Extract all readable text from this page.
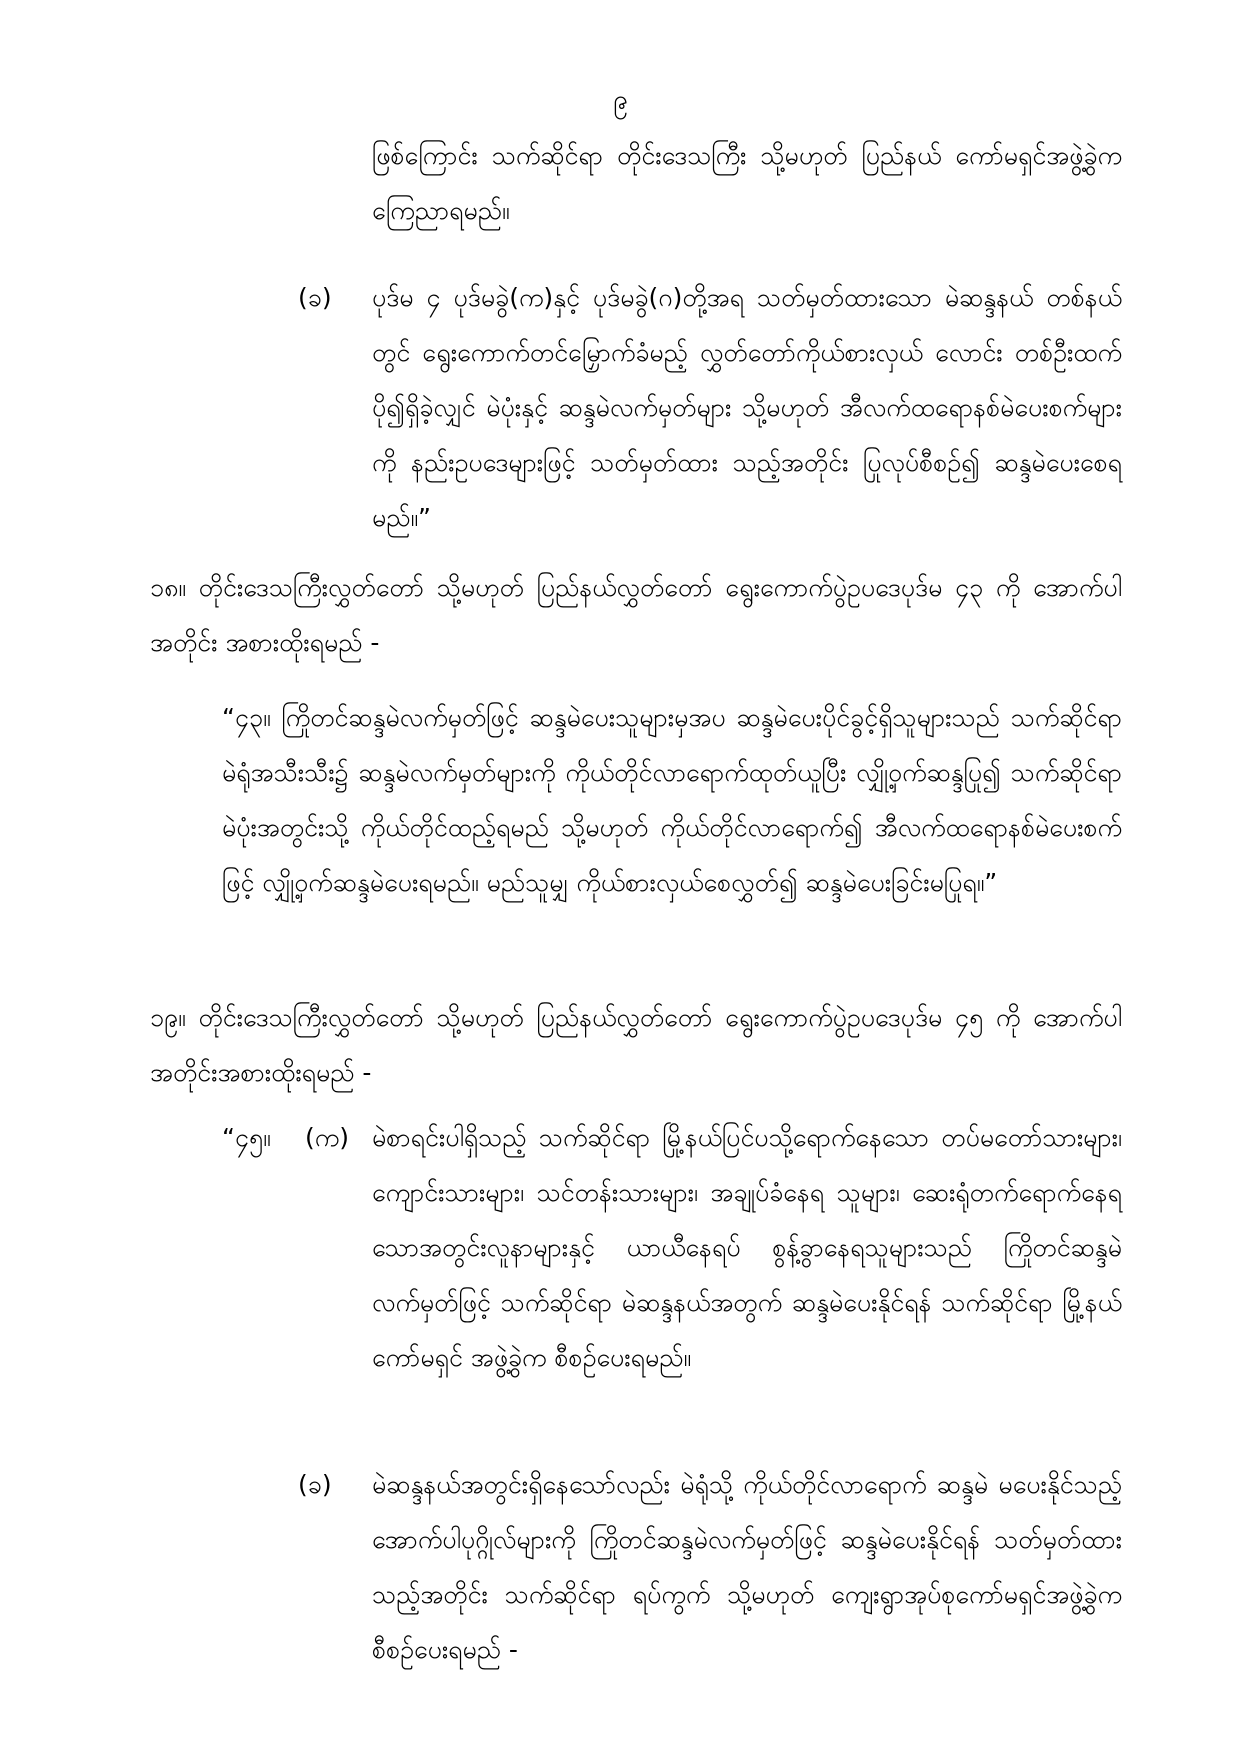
၉

ဖြစ်ကြောင်း သက်ဆိုင်ရာ တိုင်းဒေသကြီး သို့မဟုတ် ပြည်နယ် ကော်မရှင်အဖွဲ့ခွဲက ကြေညာရမည်။

(ခ) ပုဒ်မ ၄ ပုဒ်မခွဲ(က)နှင့် ပုဒ်မခွဲ(ဂ)တို့အရ သတ်မှတ်ထားသော မဲဆန္ဒနယ် တစ်နယ်တွင် ရွေးကောက်တင်မြှောက်ခံမည့် လွှတ်တော်ကိုယ်စားလှယ် လောင်း တစ်ဦးထက်ပို၍ရှိခဲ့လျှင် မဲပုံးနှင့် ဆန္ဒမဲလက်မှတ်များ သို့မဟုတ် အီလက်ထရောနစ်မဲပေးစက်များကို နည်းဥပဒေများဖြင့် သတ်မှတ်ထား သည့်အတိုင်း ပြုလုပ်စီစဉ်၍ ဆန္ဒမဲပေးစေရမည်။”

၁၈။ တိုင်းဒေသကြီးလွှတ်တော် သို့မဟုတ် ပြည်နယ်လွှတ်တော် ရွေးကောက်ပွဲဥပဒေပုဒ်မ ၄၃ ကို အောက်ပါအတိုင်း အစားထိုးရမည် -

“၄၃။ ကြိုတင်ဆန္ဒမဲလက်မှတ်ဖြင့် ဆန္ဒမဲပေးသူများမှအပ ဆန္ဒမဲပေးပိုင်ခွင့်ရှိသူများသည် သက်ဆိုင်ရာ မဲရုံအသီးသီး၌ ဆန္ဒမဲလက်မှတ်များကို ကိုယ်တိုင်လာရောက်ထုတ်ယူပြီး လျှို့ဝှက်ဆန္ဒပြု၍ သက်ဆိုင်ရာ မဲပုံးအတွင်းသို့ ကိုယ်တိုင်ထည့်ရမည် သို့မဟုတ် ကိုယ်တိုင်လာရောက်၍ အီလက်ထရောနစ်မဲပေးစက်ဖြင့် လျှို့ဝှက်ဆန္ဒမဲပေးရမည်။ မည်သူမျှ ကိုယ်စားလှယ်စေလွှတ်၍ ဆန္ဒမဲပေးခြင်းမပြုရ။”

၁၉။ တိုင်းဒေသကြီးလွှတ်တော် သို့မဟုတ် ပြည်နယ်လွှတ်တော် ရွေးကောက်ပွဲဥပဒေပုဒ်မ ၄၅ ကို အောက်ပါအတိုင်းအစားထိုးရမည် -

“၄၅။ (က) မဲစာရင်းပါရှိသည့် သက်ဆိုင်ရာ မြို့နယ်ပြင်ပသို့ရောက်နေသော တပ်မတော်သားများ၊ ကျောင်းသားများ၊ သင်တန်းသားများ၊ အချုပ်ခံနေရ သူများ၊ ဆေးရုံတက်ရောက်နေရသောအတွင်းလူနာများနှင့် ယာယီနေရပ် စွန့်ခွာနေရသူများသည် ကြိုတင်ဆန္ဒမဲလက်မှတ်ဖြင့် သက်ဆိုင်ရာ မဲဆန္ဒနယ်အတွက် ဆန္ဒမဲပေးနိုင်ရန် သက်ဆိုင်ရာ မြို့နယ်ကော်မရှင် အဖွဲ့ခွဲက စီစဉ်ပေးရမည်။

(ခ) မဲဆန္ဒနယ်အတွင်းရှိနေသော်လည်း မဲရုံသို့ ကိုယ်တိုင်လာရောက် ဆန္ဒမဲ မပေးနိုင်သည့် အောက်ပါပုဂ္ဂိုလ်များကို ကြိုတင်ဆန္ဒမဲလက်မှတ်ဖြင့် ဆန္ဒမဲပေးနိုင်ရန် သတ်မှတ်ထားသည့်အတိုင်း သက်ဆိုင်ရာ ရပ်ကွက် သို့မဟုတ် ကျေးရွာအုပ်စုကော်မရှင်အဖွဲ့ခွဲက စီစဉ်ပေးရမည် -
